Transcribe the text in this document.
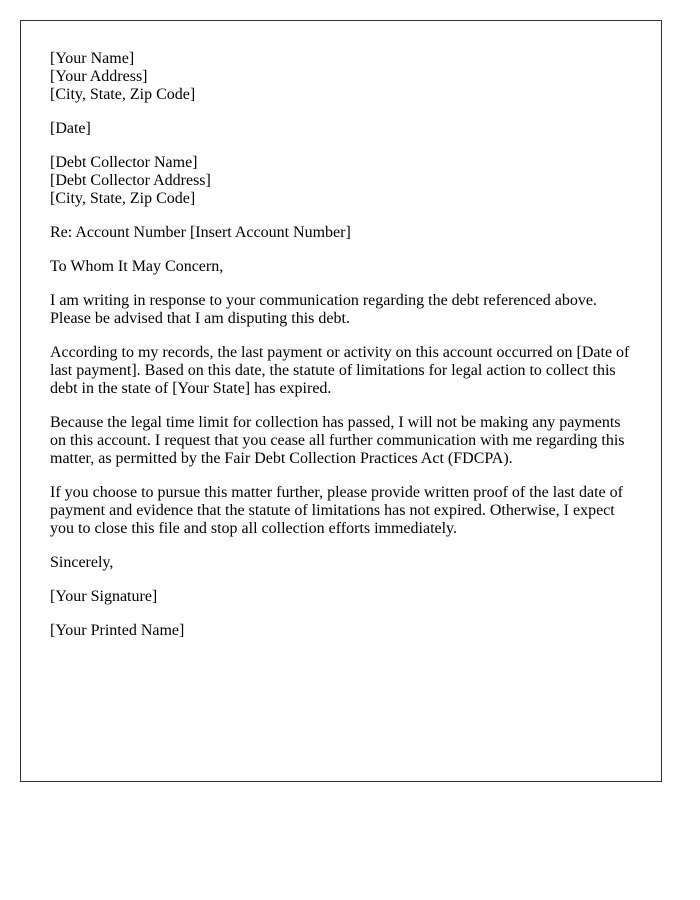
[Your Name]
[Your Address]
[City, State, Zip Code]

[Date]

[Debt Collector Name]
[Debt Collector Address]
[City, State, Zip Code]

Re: Account Number [Insert Account Number]

To Whom It May Concern,

I am writing in response to your communication regarding the debt referenced above. Please be advised that I am disputing this debt.

According to my records, the last payment or activity on this account occurred on [Date of last payment]. Based on this date, the statute of limitations for legal action to collect this debt in the state of [Your State] has expired.

Because the legal time limit for collection has passed, I will not be making any payments on this account. I request that you cease all further communication with me regarding this matter, as permitted by the Fair Debt Collection Practices Act (FDCPA).

If you choose to pursue this matter further, please provide written proof of the last date of payment and evidence that the statute of limitations has not expired. Otherwise, I expect you to close this file and stop all collection efforts immediately.

Sincerely,

[Your Signature]

[Your Printed Name]
